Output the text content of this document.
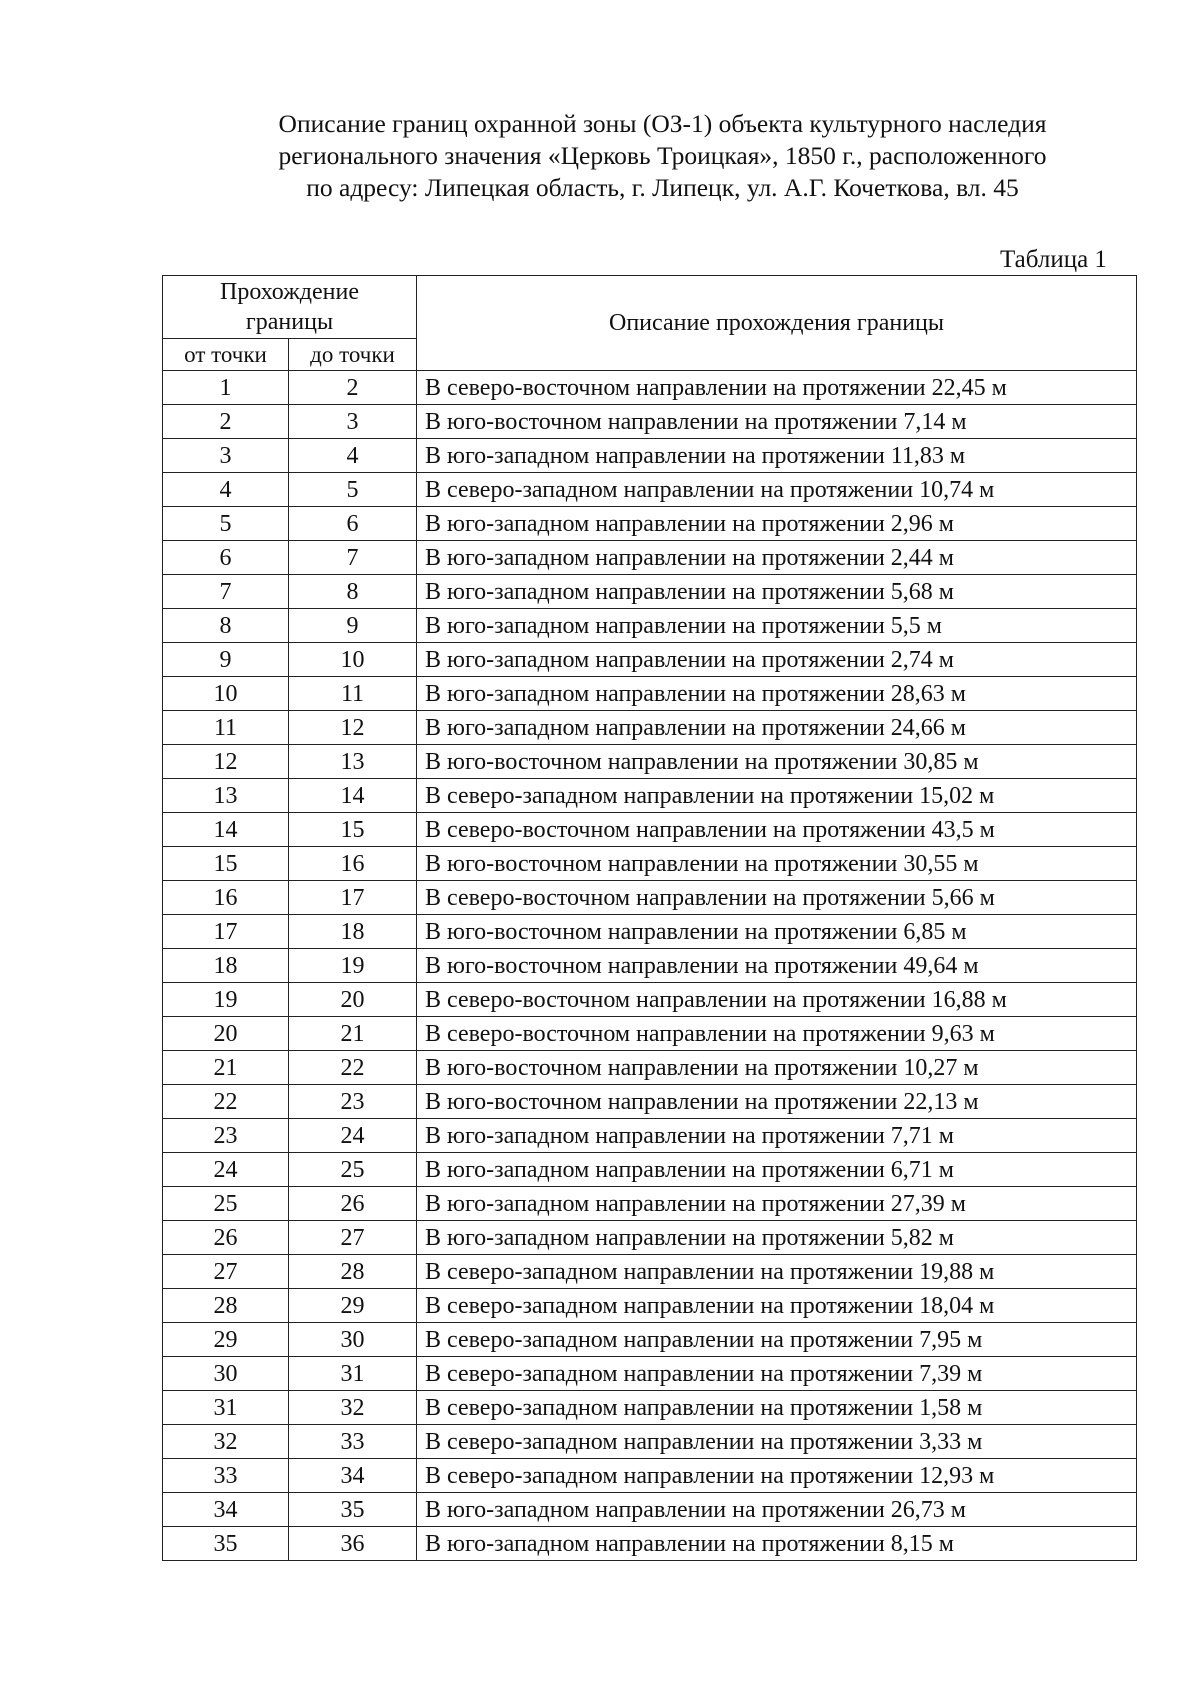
Описание границ охранной зоны (ОЗ-1) объекта культурного наследия
регионального значения «Церковь Троицкая», 1850 г., расположенного
по адресу: Липецкая область, г. Липецк, ул. А.Г. Кочеткова, вл. 45
Таблица 1
Прохождение границы		Описание прохождения границы
от точки	до точки	
1	2	В северо-восточном направлении на протяжении 22,45 м
2	3	В юго-восточном направлении на протяжении 7,14 м
3	4	В юго-западном направлении на протяжении 11,83 м
4	5	В северо-западном направлении на протяжении 10,74 м
5	6	В юго-западном направлении на протяжении 2,96 м
6	7	В юго-западном направлении на протяжении 2,44 м
7	8	В юго-западном направлении на протяжении 5,68 м
8	9	В юго-западном направлении на протяжении 5,5 м
9	10	В юго-западном направлении на протяжении 2,74 м
10	11	В юго-западном направлении на протяжении 28,63 м
11	12	В юго-западном направлении на протяжении 24,66 м
12	13	В юго-восточном направлении на протяжении 30,85 м
13	14	В северо-западном направлении на протяжении 15,02 м
14	15	В северо-восточном направлении на протяжении 43,5 м
15	16	В юго-восточном направлении на протяжении 30,55 м
16	17	В северо-восточном направлении на протяжении 5,66 м
17	18	В юго-восточном направлении на протяжении 6,85 м
18	19	В юго-восточном направлении на протяжении 49,64 м
19	20	В северо-восточном направлении на протяжении 16,88 м
20	21	В северо-восточном направлении на протяжении 9,63 м
21	22	В юго-восточном направлении на протяжении 10,27 м
22	23	В юго-восточном направлении на протяжении 22,13 м
23	24	В юго-западном направлении на протяжении 7,71 м
24	25	В юго-западном направлении на протяжении 6,71 м
25	26	В юго-западном направлении на протяжении 27,39 м
26	27	В юго-западном направлении на протяжении 5,82 м
27	28	В северо-западном направлении на протяжении 19,88 м
28	29	В северо-западном направлении на протяжении 18,04 м
29	30	В северо-западном направлении на протяжении 7,95 м
30	31	В северо-западном направлении на протяжении 7,39 м
31	32	В северо-западном направлении на протяжении 1,58 м
32	33	В северо-западном направлении на протяжении 3,33 м
33	34	В северо-западном направлении на протяжении 12,93 м
34	35	В юго-западном направлении на протяжении 26,73 м
35	36	В юго-западном направлении на протяжении 8,15 м
